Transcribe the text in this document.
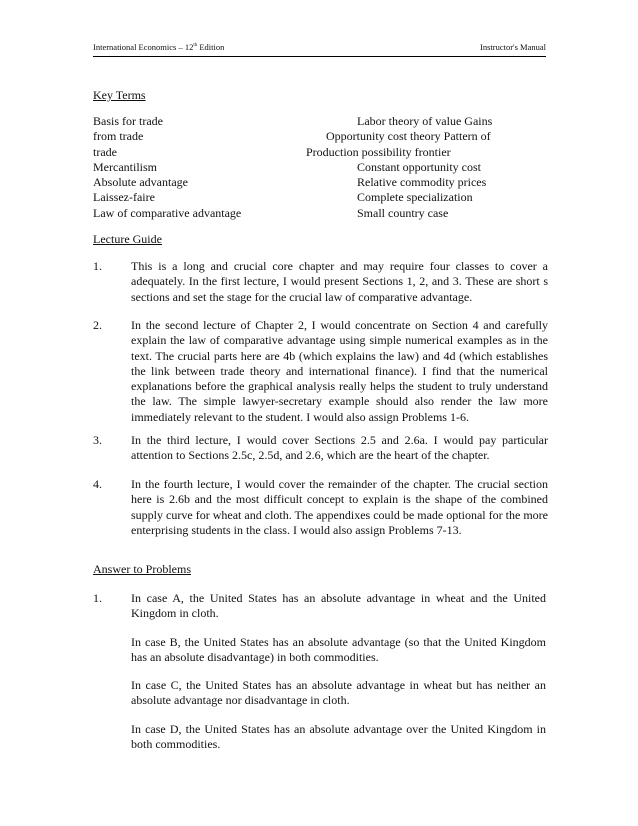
International Economics – 12th Edition	Instructor's Manual
Key Terms
Basis for trade	Labor theory of value Gains
from trade	Opportunity cost theory Pattern of
trade	Production possibility frontier
Mercantilism	Constant opportunity cost
Absolute advantage	Relative commodity prices
Laissez-faire	Complete specialization
Law of comparative advantage	Small country case
Lecture Guide
1. This is a long and crucial core chapter and may require four classes to cover a adequately. In the first lecture, I would present Sections 1, 2, and 3. These are short s sections and set the stage for the crucial law of comparative advantage.
2. In the second lecture of Chapter 2, I would concentrate on Section 4 and carefully explain the law of comparative advantage using simple numerical examples as in the text. The crucial parts here are 4b (which explains the law) and 4d (which establishes the link between trade theory and international finance). I find that the numerical explanations before the graphical analysis really helps the student to truly understand the law. The simple lawyer-secretary example should also render the law more immediately relevant to the student. I would also assign Problems 1-6.
3. In the third lecture, I would cover Sections 2.5 and 2.6a. I would pay particular attention to Sections 2.5c, 2.5d, and 2.6, which are the heart of the chapter.
4. In the fourth lecture, I would cover the remainder of the chapter. The crucial section here is 2.6b and the most difficult concept to explain is the shape of the combined supply curve for wheat and cloth. The appendixes could be made optional for the more enterprising students in the class. I would also assign Problems 7-13.
Answer to Problems
1. In case A, the United States has an absolute advantage in wheat and the United Kingdom in cloth.

In case B, the United States has an absolute advantage (so that the United Kingdom has an absolute disadvantage) in both commodities.

In case C, the United States has an absolute advantage in wheat but has neither an absolute advantage nor disadvantage in cloth.

In case D, the United States has an absolute advantage over the United Kingdom in both commodities.
